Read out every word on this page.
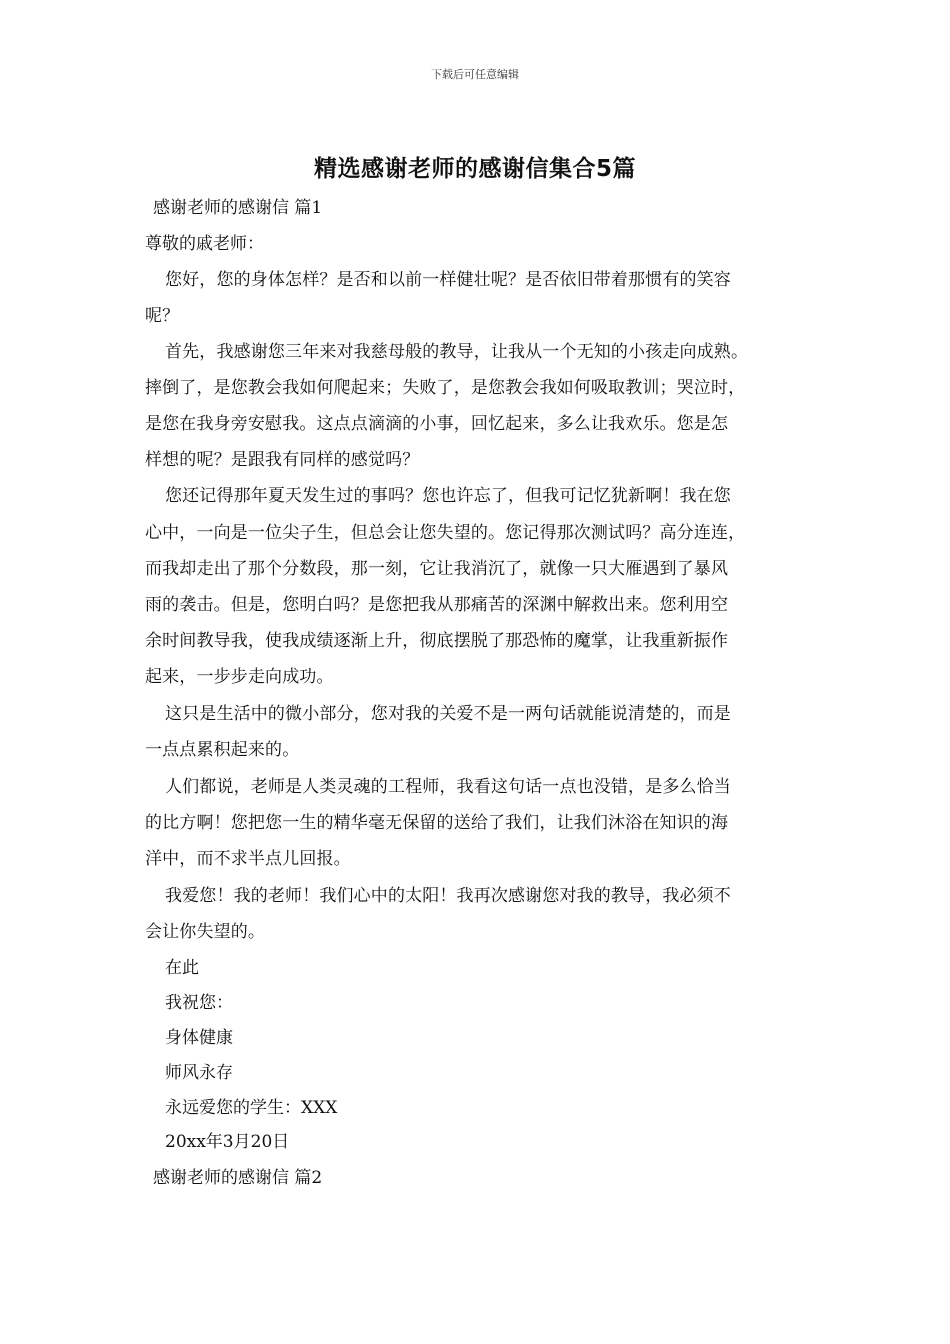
下载后可任意编辑
精选感谢老师的感谢信集合5篇
感谢老师的感谢信 篇1
尊敬的戚老师：
您好，您的身体怎样？是否和以前一样健壮呢？是否依旧带着那惯有的笑容
呢？
首先，我感谢您三年来对我慈母般的教导，让我从一个无知的小孩走向成熟。
摔倒了，是您教会我如何爬起来；失败了，是您教会我如何吸取教训；哭泣时，
是您在我身旁安慰我。这点点滴滴的小事，回忆起来，多么让我欢乐。您是怎
样想的呢？是跟我有同样的感觉吗？
您还记得那年夏天发生过的事吗？您也许忘了，但我可记忆犹新啊！我在您
心中，一向是一位尖子生，但总会让您失望的。您记得那次测试吗？高分连连，
而我却走出了那个分数段，那一刻，它让我消沉了，就像一只大雁遇到了暴风
雨的袭击。但是，您明白吗？是您把我从那痛苦的深渊中解救出来。您利用空
余时间教导我，使我成绩逐渐上升，彻底摆脱了那恐怖的魔掌，让我重新振作
起来，一步步走向成功。
这只是生活中的微小部分，您对我的关爱不是一两句话就能说清楚的，而是
一点点累积起来的。
人们都说，老师是人类灵魂的工程师，我看这句话一点也没错，是多么恰当
的比方啊！您把您一生的精华毫无保留的送给了我们，让我们沐浴在知识的海
洋中，而不求半点儿回报。
我爱您！我的老师！我们心中的太阳！我再次感谢您对我的教导，我必须不
会让你失望的。
在此
我祝您：
身体健康
师风永存
永远爱您的学生：XXX
20xx年3月20日
感谢老师的感谢信 篇2
